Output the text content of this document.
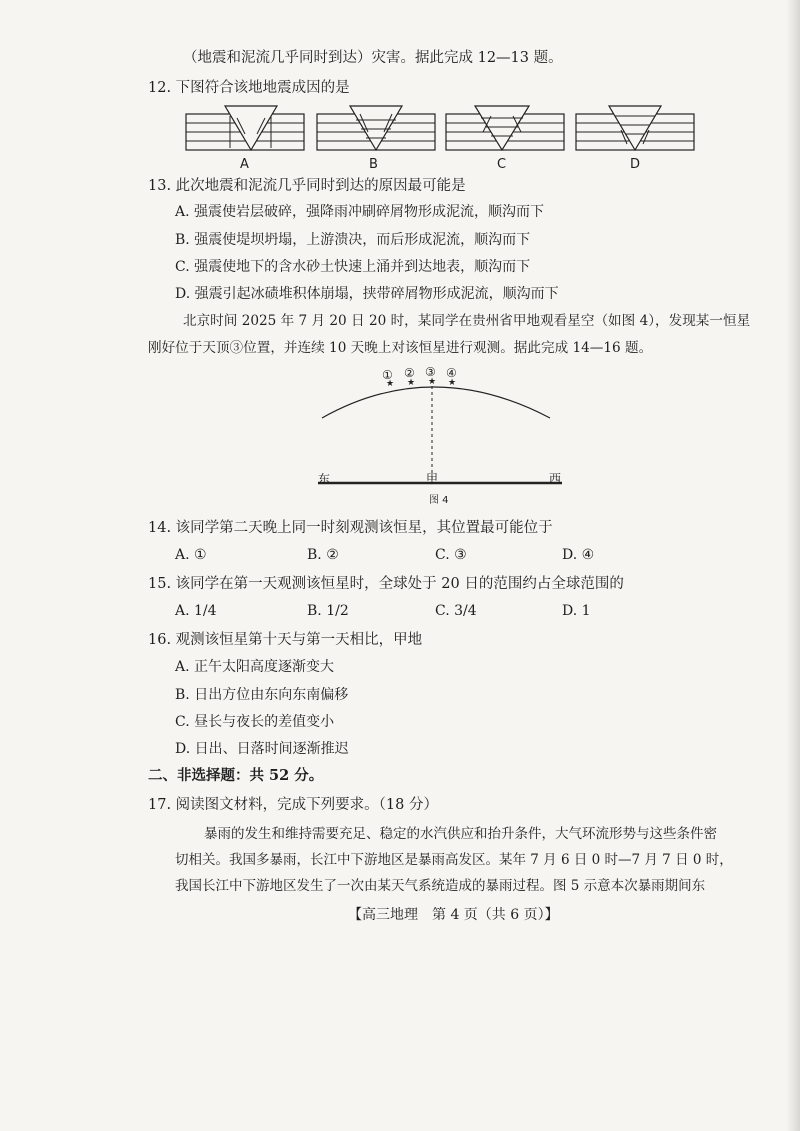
（地震和泥流几乎同时到达）灾害。据此完成 12—13 题。
12. 下图符合该地地震成因的是
A	B	C	D
13. 此次地震和泥流几乎同时到达的原因最可能是
A. 强震使岩层破碎，强降雨冲刷碎屑物形成泥流，顺沟而下
B. 强震使堤坝坍塌，上游溃决，而后形成泥流，顺沟而下
C. 强震使地下的含水砂土快速上涌并到达地表，顺沟而下
D. 强震引起冰碛堆积体崩塌，挟带碎屑物形成泥流，顺沟而下
北京时间 2025 年 7 月 20 日 20 时，某同学在贵州省甲地观看星空（如图 4），发现某一恒星
刚好位于天顶③位置，并连续 10 天晚上对该恒星进行观测。据此完成 14—16 题。
★ ★ ★ ★
① ② ③ ④
东	甲	西
图 4
14. 该同学第二天晚上同一时刻观测该恒星，其位置最可能位于
A. ①	B. ②	C. ③	D. ④
15. 该同学在第一天观测该恒星时，全球处于 20 日的范围约占全球范围的
A. 1/4	B. 1/2	C. 3/4	D. 1
16. 观测该恒星第十天与第一天相比，甲地
A. 正午太阳高度逐渐变大
B. 日出方位由东向东南偏移
C. 昼长与夜长的差值变小
D. 日出、日落时间逐渐推迟
二、非选择题：共 52 分。
17. 阅读图文材料，完成下列要求。（18 分）
暴雨的发生和维持需要充足、稳定的水汽供应和抬升条件，大气环流形势与这些条件密
切相关。我国多暴雨，长江中下游地区是暴雨高发区。某年 7 月 6 日 0 时—7 月 7 日 0 时，
我国长江中下游地区发生了一次由某天气系统造成的暴雨过程。图 5 示意本次暴雨期间东
【高三地理　第 4 页（共 6 页）】
